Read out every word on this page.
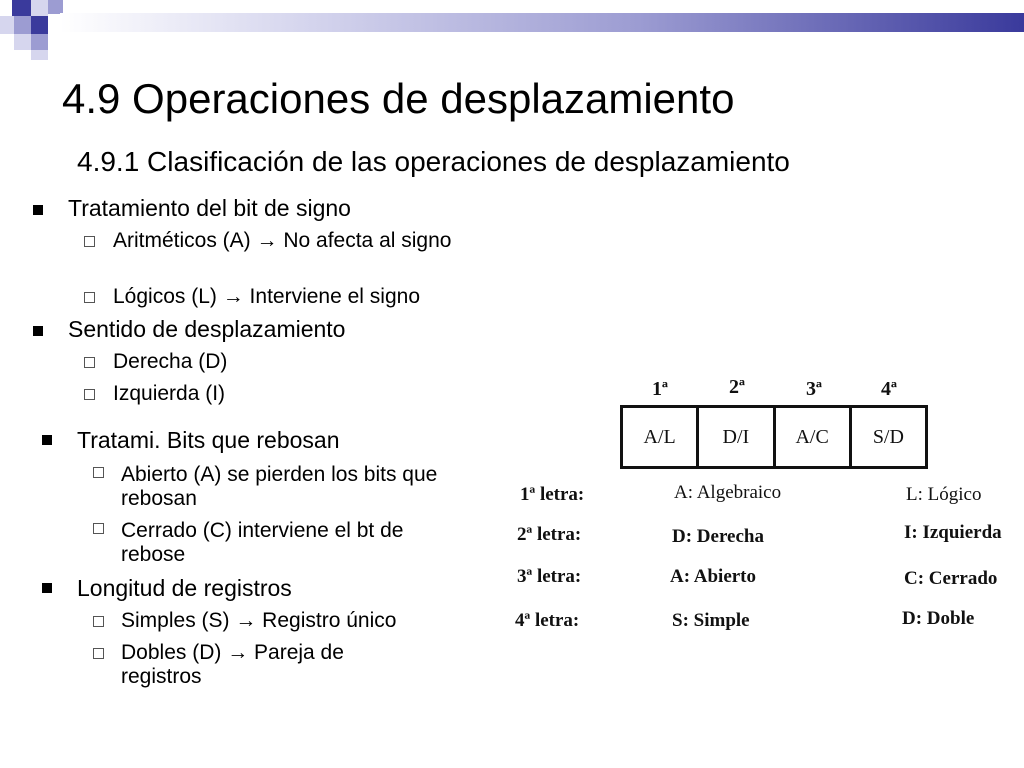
4.9 Operaciones de desplazamiento
4.9.1 Clasificación de las operaciones de desplazamiento
Tratamiento del bit de signo
Aritméticos (A) → No afecta al signo
Lógicos (L) → Interviene el signo
Sentido de desplazamiento
Derecha (D)
Izquierda (I)
Tratami. Bits que rebosan
Abierto (A) se pierden los bits que rebosan
Cerrado (C) interviene el bt de rebose
Longitud de registros
Simples (S) → Registro único
Dobles (D) → Pareja de registros
1ª	2ª	3ª	4ª
A/L	D/I	A/C	S/D
1ª letra:	A: Algebraico	L: Lógico
2ª letra:	D: Derecha	I: Izquierda
3ª letra:	A: Abierto	C: Cerrado
4ª letra:	S: Simple	D: Doble
